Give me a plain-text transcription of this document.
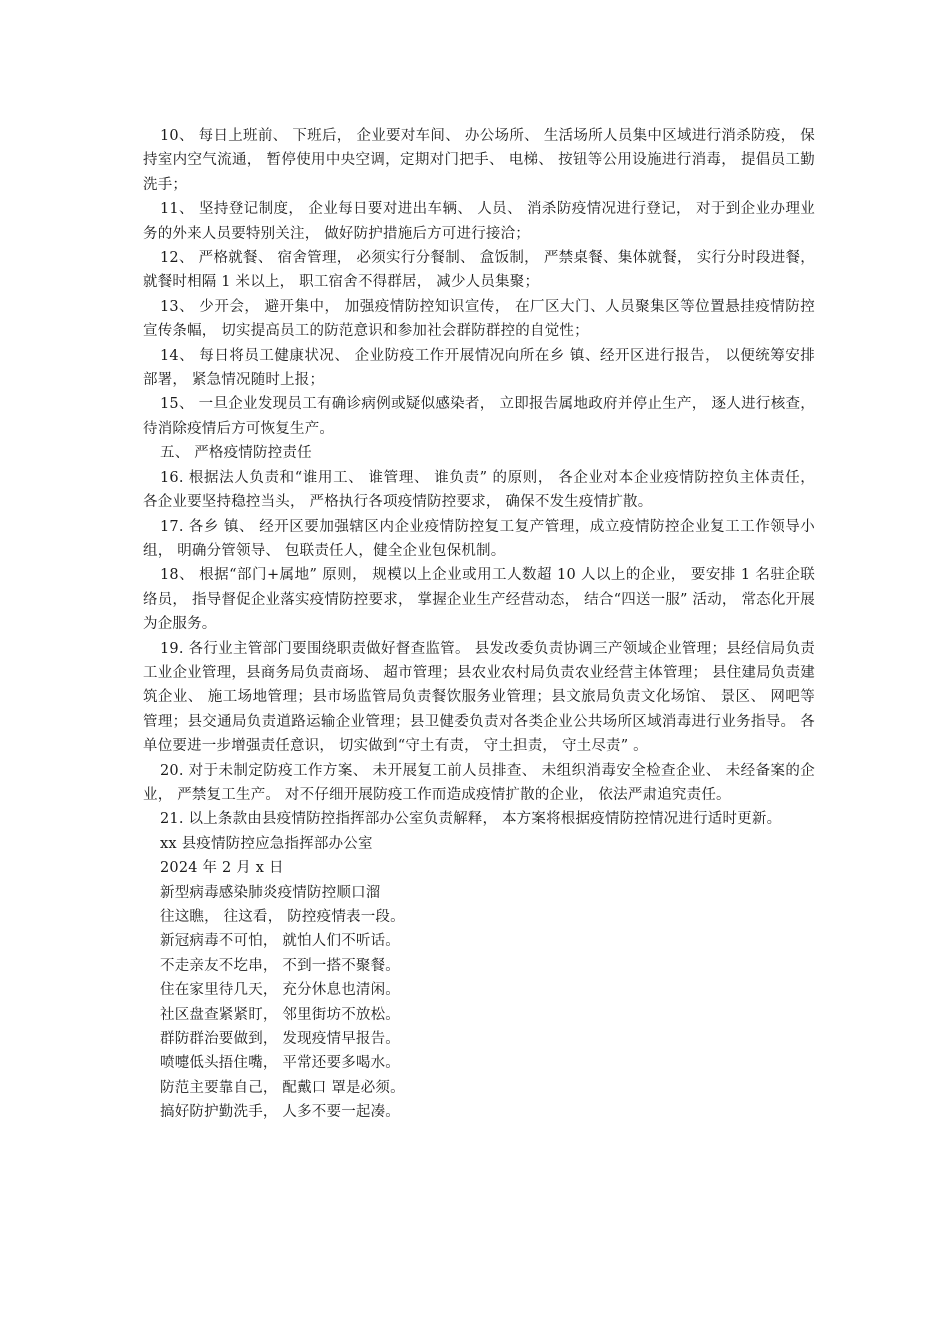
10、 每日上班前、 下班后， 企业要对车间、 办公场所、 生活场所人员集中区域进行消杀防疫， 保持室内空气流通， 暂停使用中央空调，定期对门把手、 电梯、 按钮等公用设施进行消毒， 提倡员工勤洗手；

11、 坚持登记制度， 企业每日要对进出车辆、 人员、 消杀防疫情况进行登记， 对于到企业办理业务的外来人员要特别关注， 做好防护措施后方可进行接洽；

12、 严格就餐、 宿舍管理， 必须实行分餐制、 盒饭制， 严禁桌餐、集体就餐， 实行分时段进餐， 就餐时相隔 1 米以上， 职工宿舍不得群居， 减少人员集聚；

13、 少开会， 避开集中， 加强疫情防控知识宣传， 在厂区大门、人员聚集区等位置悬挂疫情防控宣传条幅， 切实提高员工的防范意识和参加社会群防群控的自觉性；

14、 每日将员工健康状况、 企业防疫工作开展情况向所在乡 镇、经开区进行报告， 以便统筹安排部署， 紧急情况随时上报；

15、 一旦企业发现员工有确诊病例或疑似感染者， 立即报告属地政府并停止生产， 逐人进行核查， 待消除疫情后方可恢复生产。

五、 严格疫情防控责任

16. 根据法人负责和“谁用工、 谁管理、 谁负责” 的原则， 各企业对本企业疫情防控负主体责任， 各企业要坚持稳控当头， 严格执行各项疫情防控要求， 确保不发生疫情扩散。

17. 各乡 镇、 经开区要加强辖区内企业疫情防控复工复产管理，成立疫情防控企业复工工作领导小组， 明确分管领导、 包联责任人，健全企业包保机制。

18、 根据“部门+属地” 原则， 规模以上企业或用工人数超 10 人以上的企业， 要安排 1 名驻企联络员， 指导督促企业落实疫情防控要求， 掌握企业生产经营动态， 结合“四送一服” 活动， 常态化开展为企服务。

19. 各行业主管部门要围绕职责做好督查监管。 县发改委负责协调三产领域企业管理；县经信局负责工业企业管理，县商务局负责商场、 超市管理；县农业农村局负责农业经营主体管理； 县住建局负责建筑企业、 施工场地管理；县市场监管局负责餐饮服务业管理；县文旅局负责文化场馆、 景区、 网吧等管理；县交通局负责道路运输企业管理；县卫健委负责对各类企业公共场所区域消毒进行业务指导。 各单位要进一步增强责任意识， 切实做到“守土有责， 守土担责， 守土尽责” 。

20. 对于未制定防疫工作方案、 未开展复工前人员排查、 未组织消毒安全检查企业、 未经备案的企业， 严禁复工生产。 对不仔细开展防疫工作而造成疫情扩散的企业， 依法严肃追究责任。

21. 以上条款由县疫情防控指挥部办公室负责解释， 本方案将根据疫情防控情况进行适时更新。

xx 县疫情防控应急指挥部办公室

2024 年 2 月 x 日

新型病毒感染肺炎疫情防控顺口溜

往这瞧， 往这看， 防控疫情表一段。

新冠病毒不可怕， 就怕人们不听话。

不走亲友不圪串， 不到一搭不聚餐。

住在家里待几天， 充分休息也清闲。

社区盘查紧紧盯， 邻里街坊不放松。

群防群治要做到， 发现疫情早报告。

喷嚏低头捂住嘴， 平常还要多喝水。

防范主要靠自己， 配戴口 罩是必须。

搞好防护勤洗手， 人多不要一起凑。
